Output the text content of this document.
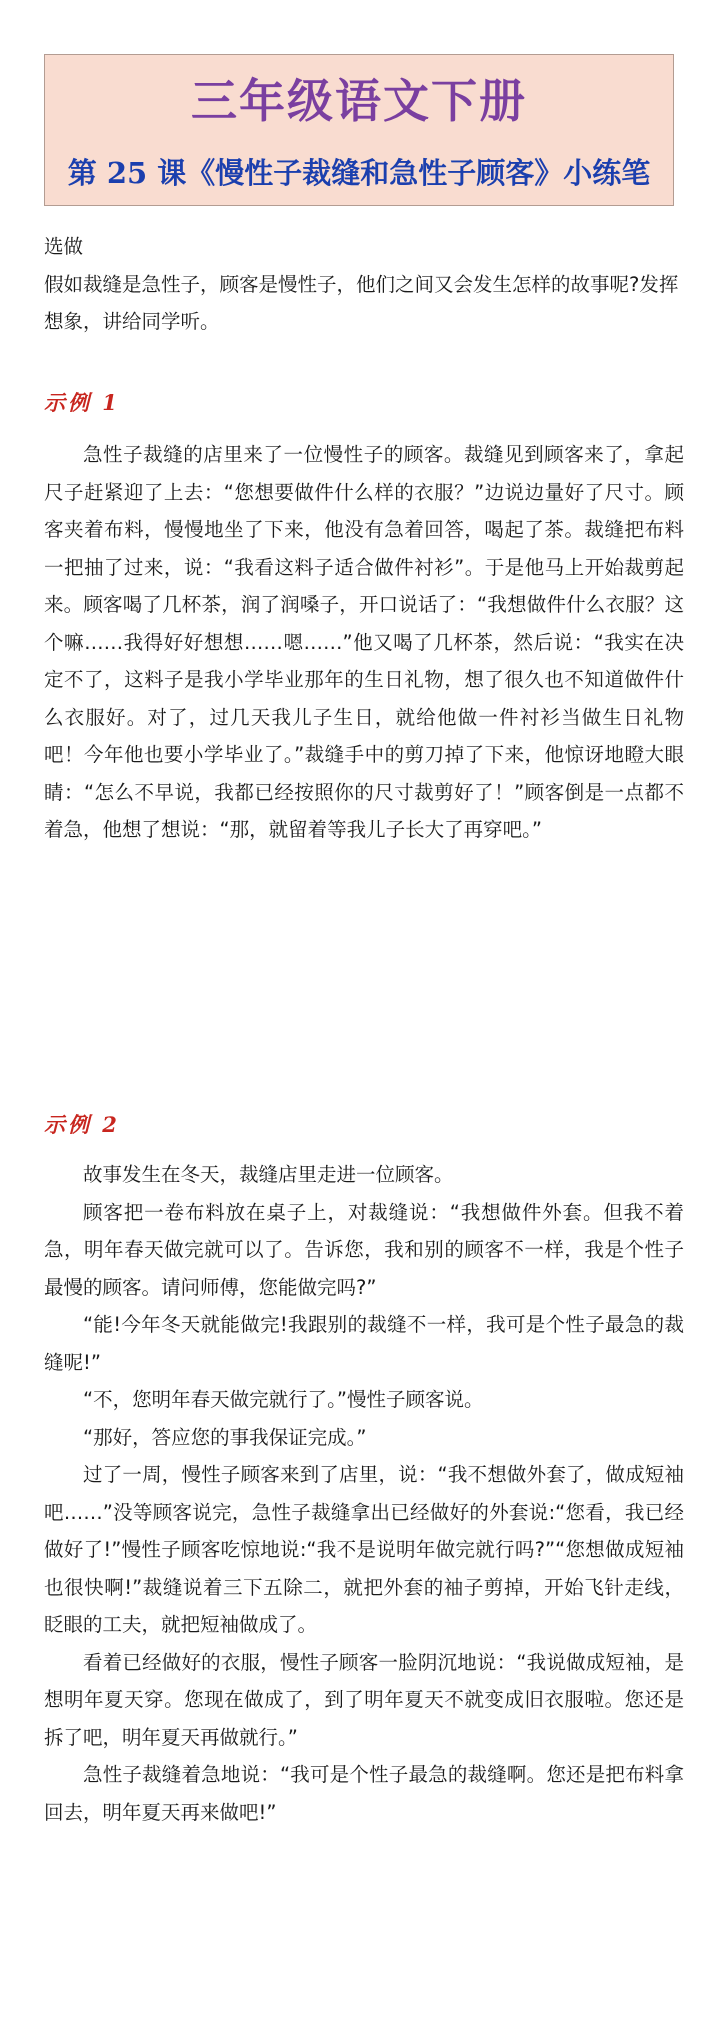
三年级语文下册
第 25 课《慢性子裁缝和急性子顾客》小练笔

选做

假如裁缝是急性子，顾客是慢性子，他们之间又会发生怎样的故事呢?发挥想象，讲给同学听。

示例 1

急性子裁缝的店里来了一位慢性子的顾客。裁缝见到顾客来了，拿起尺子赶紧迎了上去：“您想要做件什么样的衣服？”边说边量好了尺寸。顾客夹着布料，慢慢地坐了下来，他没有急着回答，喝起了茶。裁缝把布料一把抽了过来，说：“我看这料子适合做件衬衫”。于是他马上开始裁剪起来。顾客喝了几杯茶，润了润嗓子，开口说话了：“我想做件什么衣服？这个嘛……我得好好想想……嗯……”他又喝了几杯茶，然后说：“我实在决定不了，这料子是我小学毕业那年的生日礼物，想了很久也不知道做件什么衣服好。对了，过几天我儿子生日，就给他做一件衬衫当做生日礼物吧！今年他也要小学毕业了。”裁缝手中的剪刀掉了下来，他惊讶地瞪大眼睛：“怎么不早说，我都已经按照你的尺寸裁剪好了！”顾客倒是一点都不着急，他想了想说：“那，就留着等我儿子长大了再穿吧。”

示例 2

故事发生在冬天，裁缝店里走进一位顾客。

顾客把一卷布料放在桌子上，对裁缝说：“我想做件外套。但我不着急，明年春天做完就可以了。告诉您，我和别的顾客不一样，我是个性子最慢的顾客。请问师傅，您能做完吗?”

“能!今年冬天就能做完!我跟别的裁缝不一样，我可是个性子最急的裁缝呢!”

“不，您明年春天做完就行了。”慢性子顾客说。

“那好，答应您的事我保证完成。”

过了一周，慢性子顾客来到了店里，说：“我不想做外套了，做成短袖吧……”没等顾客说完，急性子裁缝拿出已经做好的外套说:“您看，我已经做好了!”慢性子顾客吃惊地说:“我不是说明年做完就行吗?”“您想做成短袖也很快啊!”裁缝说着三下五除二，就把外套的袖子剪掉，开始飞针走线，眨眼的工夫，就把短袖做成了。

看着已经做好的衣服，慢性子顾客一脸阴沉地说：“我说做成短袖，是想明年夏天穿。您现在做成了，到了明年夏天不就变成旧衣服啦。您还是拆了吧，明年夏天再做就行。”

急性子裁缝着急地说：“我可是个性子最急的裁缝啊。您还是把布料拿回去，明年夏天再来做吧!”
